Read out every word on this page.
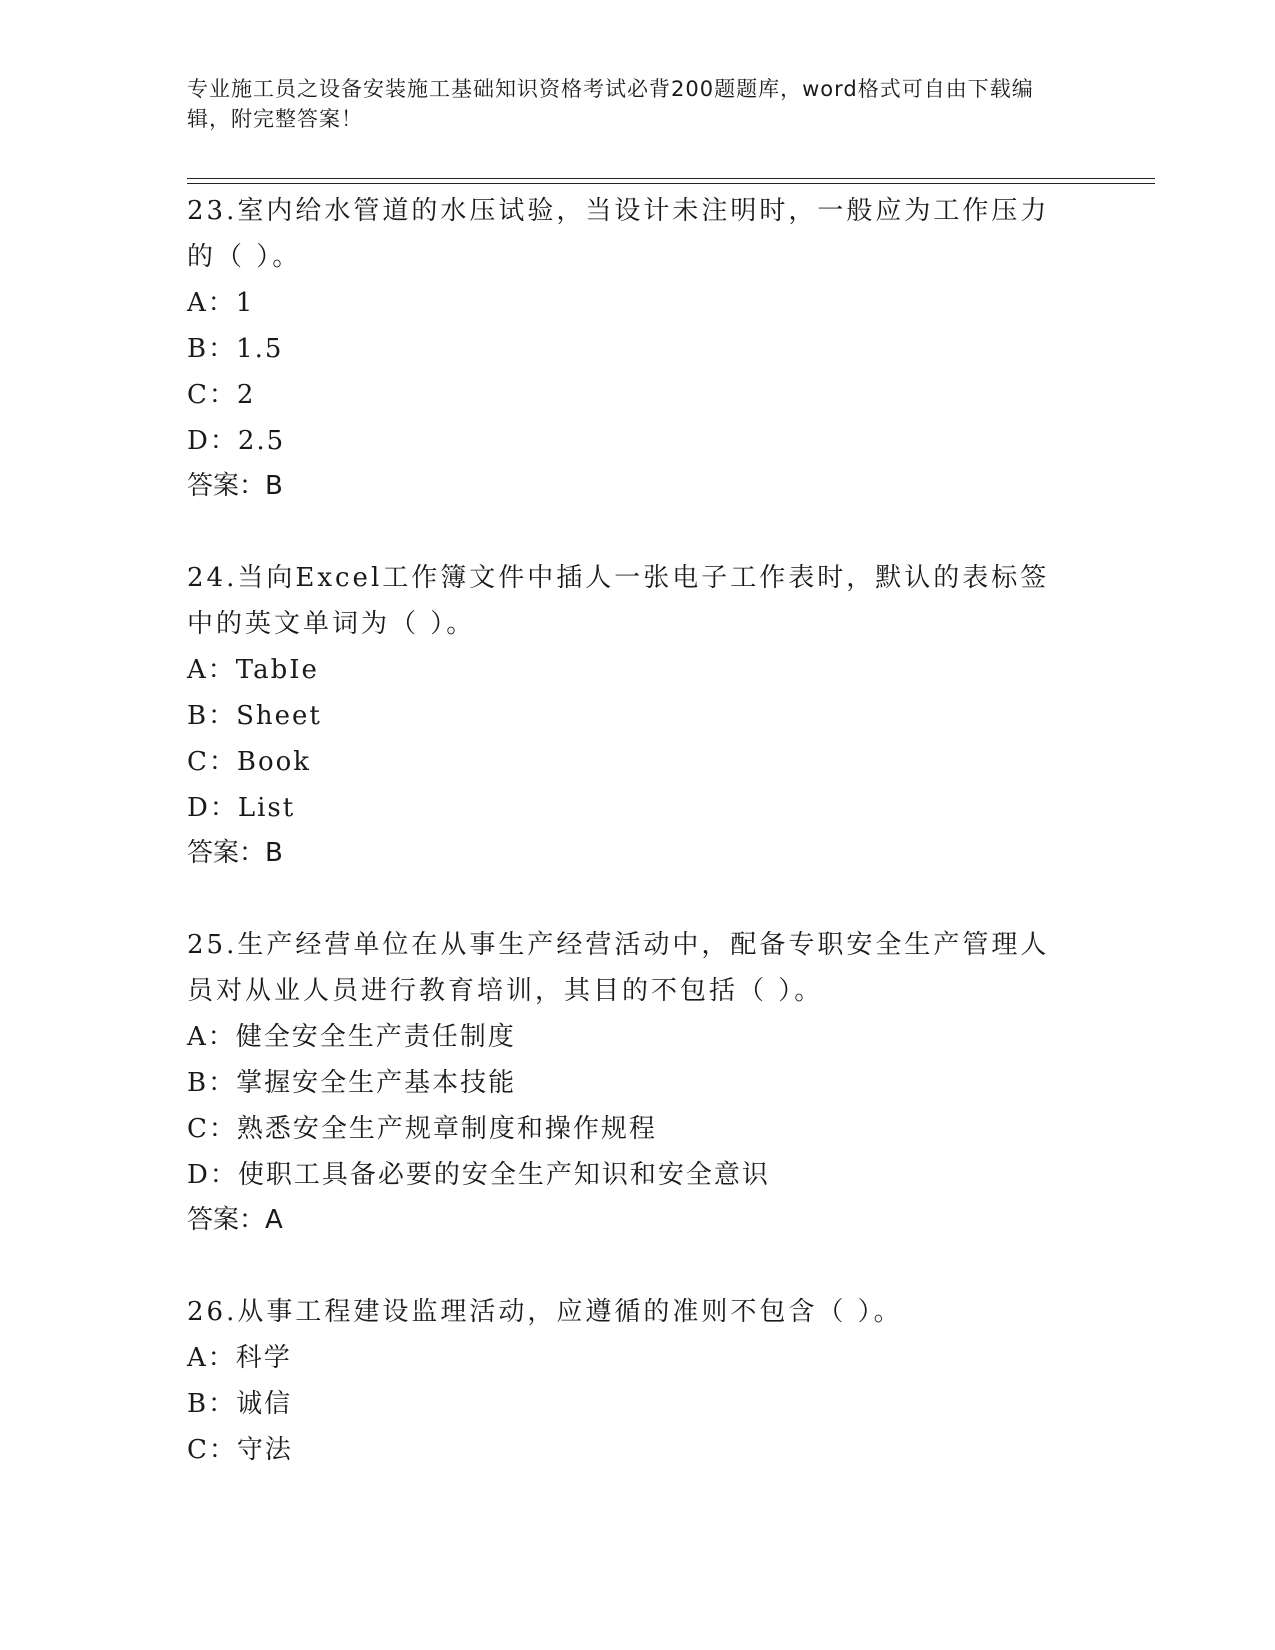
专业施工员之设备安装施工基础知识资格考试必背200题题库，word格式可自由下载编辑，附完整答案！

23.室内给水管道的水压试验，当设计未注明时，一般应为工作压力的（ ）。

A：1
B：1.5
C：2
D：2.5
答案：B

24.当向Excel工作簿文件中插人一张电子工作表时，默认的表标签中的英文单词为（ ）。

A：TabIe
B：Sheet
C：Book
D：List
答案：B

25.生产经营单位在从事生产经营活动中，配备专职安全生产管理人员对从业人员进行教育培训，其目的不包括（ ）。

A：健全安全生产责任制度
B：掌握安全生产基本技能
C：熟悉安全生产规章制度和操作规程
D：使职工具备必要的安全生产知识和安全意识
答案：A

26.从事工程建设监理活动，应遵循的准则不包含（ ）。

A：科学
B：诚信
C：守法
